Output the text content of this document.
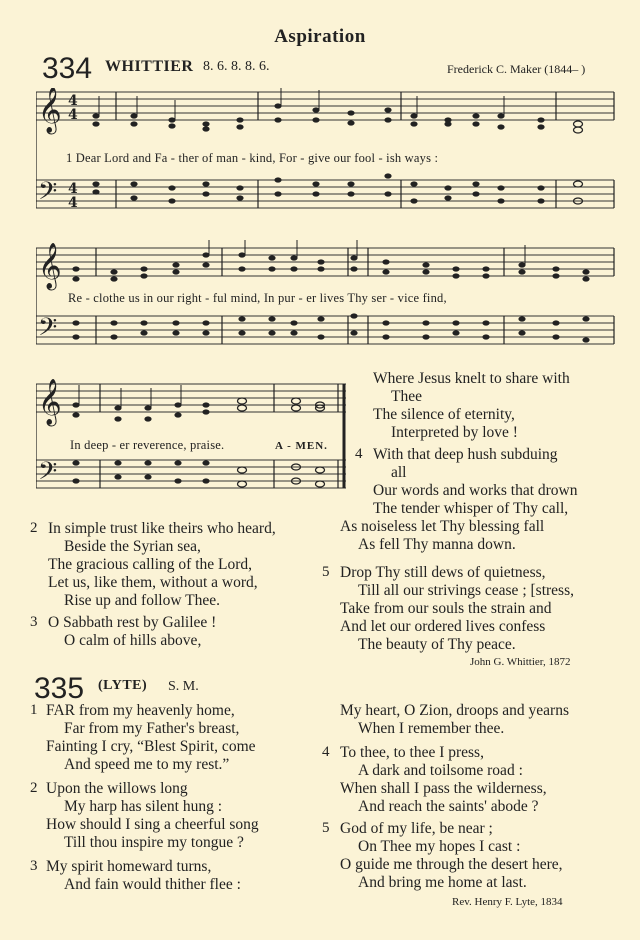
Aspiration
334 WHITTIER 8. 6. 8. 8. 6.	Frederick C. Maker (1844– )
𝄞
𝄢
4
4
4
4
1 Dear Lord and Fa - ther of man - kind, For - give our fool - ish ways :
𝄞
𝄢
Re - clothe us in our right - ful mind, In pur - er lives Thy ser - vice find,
𝄞
𝄢
In deep - er reverence, praise.	A - MEN.
Where Jesus knelt to share with
Thee
The silence of eternity,
Interpreted by love !
4 With that deep hush subduing
all
Our words and works that drown
The tender whisper of Thy call,
As noiseless let Thy blessing fall
As fell Thy manna down.
2 In simple trust like theirs who heard,
Beside the Syrian sea,
The gracious calling of the Lord,
Let us, like them, without a word,
Rise up and follow Thee.
3 O Sabbath rest by Galilee !
O calm of hills above,
5 Drop Thy still dews of quietness,
Till all our strivings cease ; [stress,
Take from our souls the strain and
And let our ordered lives confess
The beauty of Thy peace.
John G. Whittier, 1872
335 (LYTE) S. M.
1 FAR from my heavenly home,
Far from my Father's breast,
Fainting I cry, “Blest Spirit, come
And speed me to my rest.”
2 Upon the willows long
My harp has silent hung :
How should I sing a cheerful song
Till thou inspire my tongue ?
3 My spirit homeward turns,
And fain would thither flee :
My heart, O Zion, droops and yearns
When I remember thee.
4 To thee, to thee I press,
A dark and toilsome road :
When shall I pass the wilderness,
And reach the saints' abode ?
5 God of my life, be near ;
On Thee my hopes I cast :
O guide me through the desert here,
And bring me home at last.
Rev. Henry F. Lyte, 1834
